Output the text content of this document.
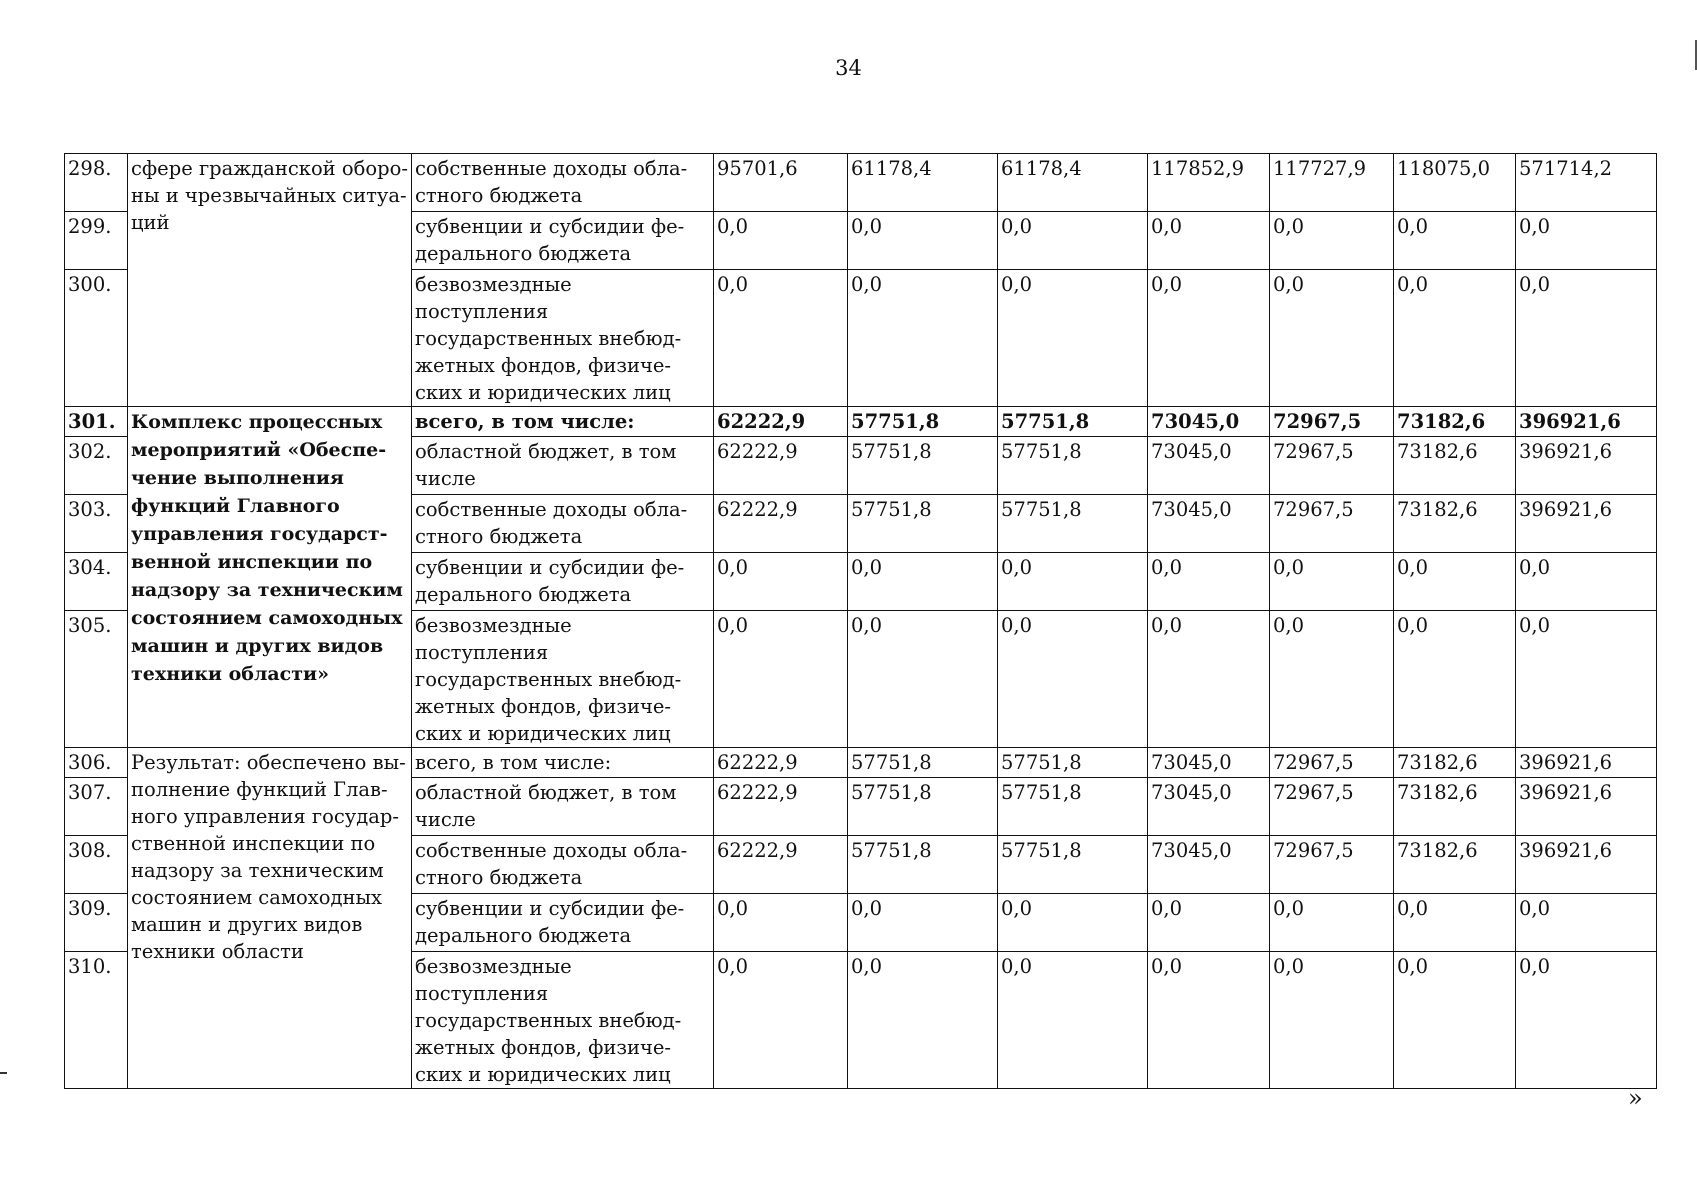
34
298.	сфере гражданской оборо-ны и чрезвычайных ситуа-ций	собственные доходы обла-стного бюджета	95701,6	61178,4	61178,4	117852,9	117727,9	118075,0	571714,2
299.		субвенции и субсидии фе-дерального бюджета	0,0	0,0	0,0	0,0	0,0	0,0	0,0
300.		безвозмездные поступления государственных внебюд-жетных фондов, физиче-ских и юридических лиц	0,0	0,0	0,0	0,0	0,0	0,0	0,0
301.	Комплекс процессных мероприятий «Обеспе-чение выполнения функций Главного управления государст-венной инспекции по надзору за техническим состоянием самоходных машин и других видов техники области»	всего, в том числе:	62222,9	57751,8	57751,8	73045,0	72967,5	73182,6	396921,6
302.		областной бюджет, в том числе	62222,9	57751,8	57751,8	73045,0	72967,5	73182,6	396921,6
303.		собственные доходы обла-стного бюджета	62222,9	57751,8	57751,8	73045,0	72967,5	73182,6	396921,6
304.		субвенции и субсидии фе-дерального бюджета	0,0	0,0	0,0	0,0	0,0	0,0	0,0
305.		безвозмездные поступления государственных внебюд-жетных фондов, физиче-ских и юридических лиц	0,0	0,0	0,0	0,0	0,0	0,0	0,0
306.	Результат: обеспечено вы-полнение функций Глав-ного управления государ-ственной инспекции по надзору за техническим состоянием самоходных машин и других видов техники области	всего, в том числе:	62222,9	57751,8	57751,8	73045,0	72967,5	73182,6	396921,6
307.		областной бюджет, в том числе	62222,9	57751,8	57751,8	73045,0	72967,5	73182,6	396921,6
308.		собственные доходы обла-стного бюджета	62222,9	57751,8	57751,8	73045,0	72967,5	73182,6	396921,6
309.		субвенции и субсидии фе-дерального бюджета	0,0	0,0	0,0	0,0	0,0	0,0	0,0
310.		безвозмездные поступления государственных внебюд-жетных фондов, физиче-ских и юридических лиц	0,0	0,0	0,0	0,0	0,0	0,0	0,0
»
